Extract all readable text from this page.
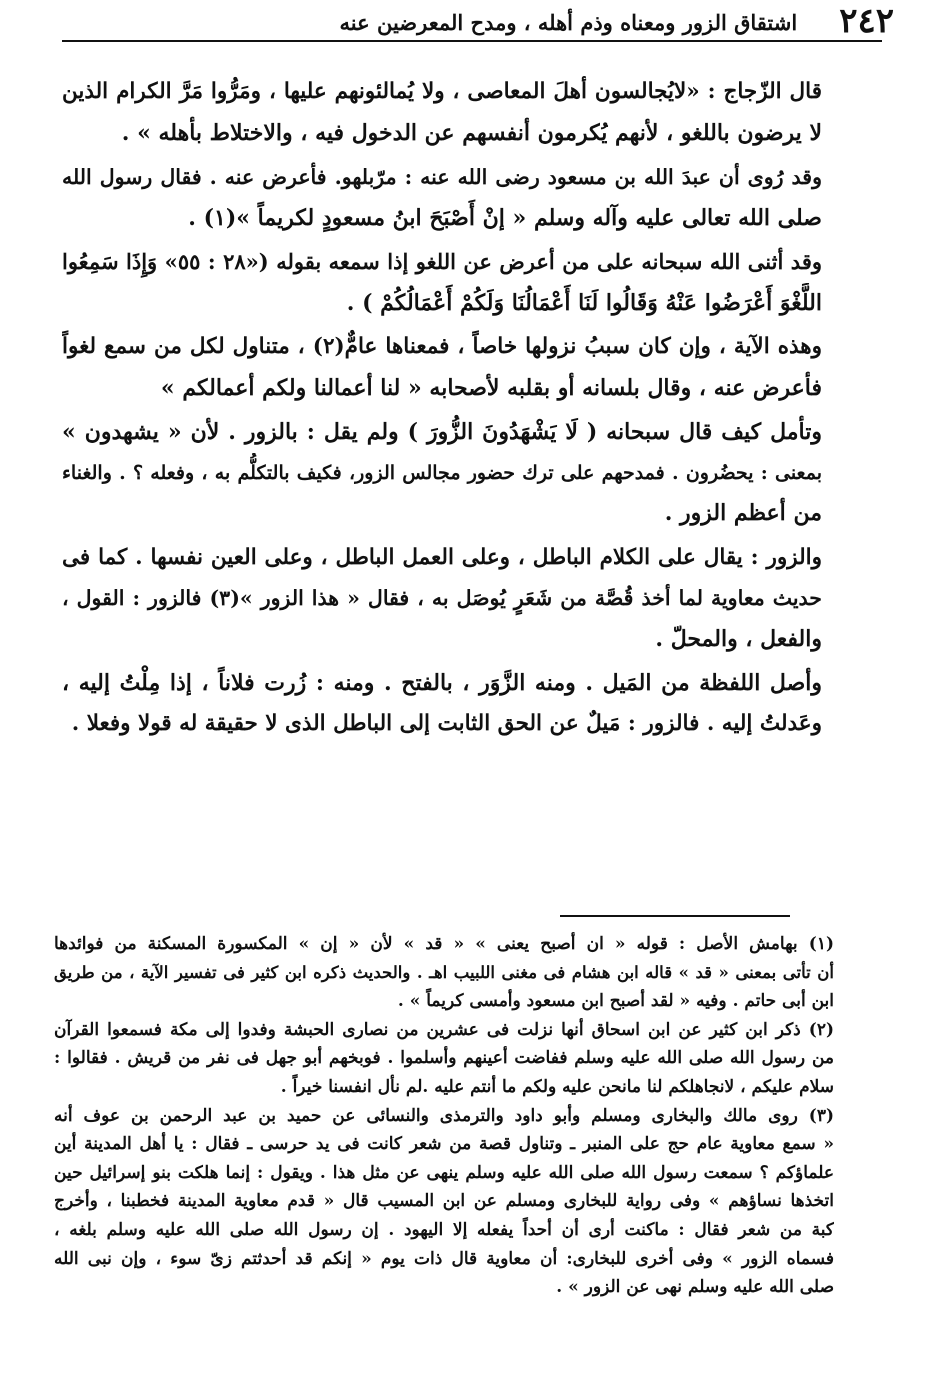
٢٤٢
اشتقاق الزور ومعناه وذم أهله ، ومدح المعرضين عنه
قال الزّجاج : «لايُجالسون أهلَ المعاصى ، ولا يُمالئونهم عليها ، ومَرُّوا مَرَّ الكرام الذين
لا يرضون باللغو ، لأنهم يُكرمون أنفسهم عن الدخول فيه ، والاختلاط بأهله » .
وقد رُوى أن عبدَ الله بن مسعود رضى الله عنه : مرّبلهو. فأعرض عنه . فقال رسول الله
صلى الله تعالى عليه وآله وسلم « إنْ أَصْبَحَ ابنُ مسعودٍ لكريماً »(١) .
وقد أثنى الله سبحانه على من أعرض عن اللغو إذا سمعه بقوله («٢٨ : ٥٥» وَإِذَا سَمِعُوا
اللَّغْوَ أَعْرَضُوا عَنْهُ وَقَالُوا لَنَا أَعْمَالُنَا وَلَكُمْ أَعْمَالُكُمْ ) .
وهذه الآية ، وإن كان سببُ نزولها خاصاً ، فمعناها عامٌّ(٢) ، متناول لكل من سمع لغواً
فأعرض عنه ، وقال بلسانه أو بقلبه لأصحابه « لنا أعمالنا ولكم أعمالكم »
وتأمل كيف قال سبحانه ( لَا يَشْهَدُونَ الزُّورَ ) ولم يقل : بالزور . لأن « يشهدون »
بمعنى : يحضُرون . فمدحهم على ترك حضور مجالس الزور، فكيف بالتكلُّم به ، وفعله ؟ . والغناء
من أعظم الزور .
والزور : يقال على الكلام الباطل ، وعلى العمل الباطل ، وعلى العين نفسها . كما فى
حديث معاوية لما أخذ قُصَّة من شَعَرٍ يُوصَل به ، فقال « هذا الزور »(٣) فالزور : القول ،
والفعل ، والمحلّ .
وأصل اللفظة من المَيل . ومنه الزَّوَر ، بالفتح . ومنه : زُرت فلاناً ، إذا مِلْتُ إليه ،
وعَدلتُ إليه . فالزور : مَيلٌ عن الحق الثابت إلى الباطل الذى لا حقيقة له قولا وفعلا .
(١) بهامش الأصل : قوله « ان أصبح يعنى » « قد » لأن « إن » المكسورة المسكنة من فوائدها
أن تأتى بمعنى « قد » قاله ابن هشام فى مغنى اللبيب اهـ . والحديث ذكره ابن كثير فى تفسير الآية ، من طريق
ابن أبى حاتم . وفيه « لقد أصبح ابن مسعود وأمسى كريماً » .
(٢) ذكر ابن كثير عن ابن اسحاق أنها نزلت فى عشرين من نصارى الحبشة وفدوا إلى مكة فسمعوا القرآن
من رسول الله صلى الله عليه وسلم ففاضت أعينهم وأسلموا . فوبخهم أبو جهل فى نفر من قريش . فقالوا :
سلام عليكم ، لانجاهلكم لنا مانحن عليه ولكم ما أنتم عليه .لم نأل انفسنا خيراً .
(٣) روى مالك والبخارى ومسلم وأبو داود والترمذى والنسائى عن حميد بن عبد الرحمن بن عوف أنه
« سمع معاوية عام حج على المنبر ـ وتناول قصة من شعر كانت فى يد حرسى ـ فقال : يا أهل المدينة أين
علماؤكم ؟ سمعت رسول الله صلى الله عليه وسلم ينهى عن مثل هذا . ويقول : إنما هلكت بنو إسرائيل حين
اتخذها نساؤهم » وفى رواية للبخارى ومسلم عن ابن المسيب قال « قدم معاوية المدينة فخطبنا ، وأخرج
كبة من شعر فقال : ماكنت أرى أن أحداً يفعله إلا اليهود . إن رسول الله صلى الله عليه وسلم بلغه ،
فسماه الزور » وفى أخرى للبخارى: أن معاوية قال ذات يوم « إنكم قد أحدثتم زىّ سوء ، وإن نبى الله
صلى الله عليه وسلم نهى عن الزور » .
